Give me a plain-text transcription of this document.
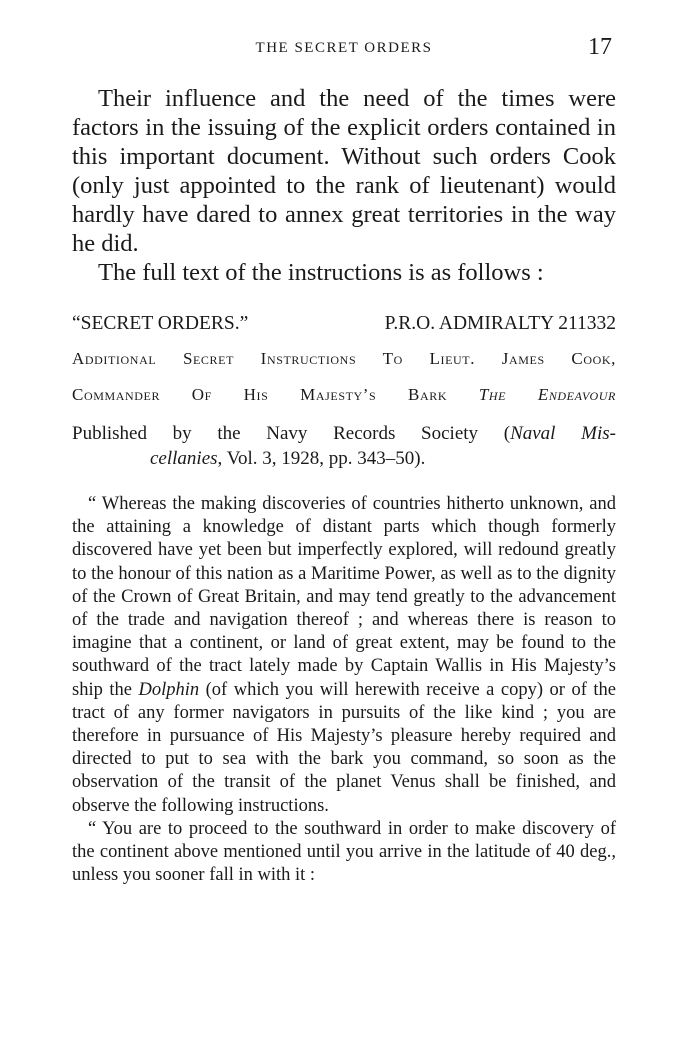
THE SECRET ORDERS	17

Their influence and the need of the times were factors in the issuing of the explicit orders contained in this important document. Without such orders Cook (only just appointed to the rank of lieutenant) would hardly have dared to annex great territories in the way he did.

The full text of the instructions is as follows :

“SECRET ORDERS.”	P.R.O. ADMIRALTY 211332
Additional Secret Instructions To Lieut. James Cook,
Commander Of His Majesty’s Bark The Endeavour
Published by the Navy Records Society (Naval Mis-
cellanies, Vol. 3, 1928, pp. 343–50).

“ Whereas the making discoveries of countries hitherto unknown, and the attaining a knowledge of distant parts which though formerly discovered have yet been but imperfectly explored, will redound greatly to the honour of this nation as a Maritime Power, as well as to the dignity of the Crown of Great Britain, and may tend greatly to the advancement of the trade and navigation thereof ; and whereas there is reason to imagine that a continent, or land of great extent, may be found to the southward of the tract lately made by Captain Wallis in His Majesty’s ship the Dolphin (of which you will herewith receive a copy) or of the tract of any former navigators in pursuits of the like kind ; you are therefore in pursuance of His Majesty’s pleasure hereby required and directed to put to sea with the bark you command, so soon as the observation of the transit of the planet Venus shall be finished, and observe the following instructions.

“ You are to proceed to the southward in order to make discovery of the continent above mentioned until you arrive in the latitude of 40 deg., unless you sooner fall in with it :
